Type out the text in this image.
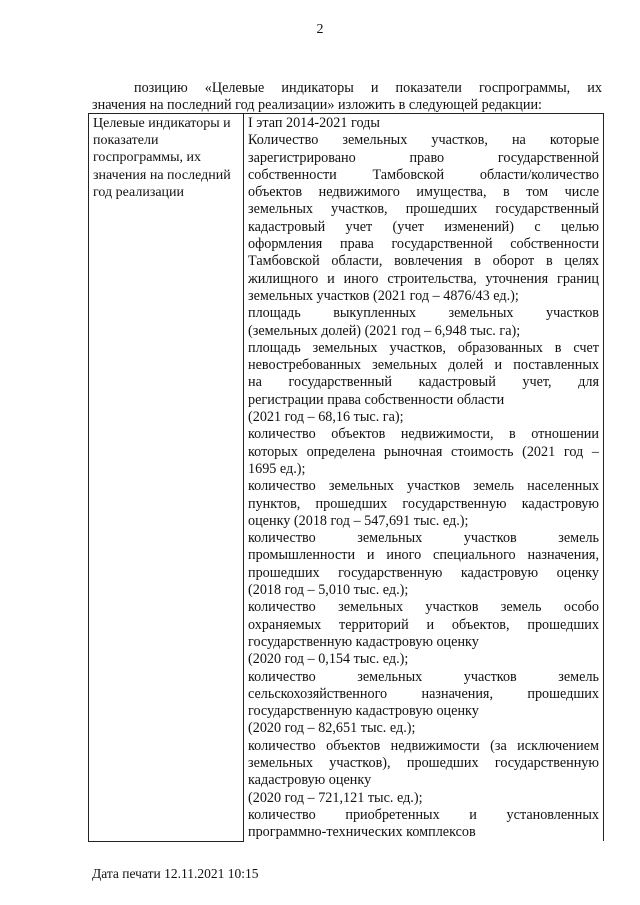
2
позицию «Целевые индикаторы и показатели госпрограммы, их
значения на последний год реализации» изложить в следующей редакции:
Целевые индикаторы и показатели госпрограммы, их значения на последний год реализации	
I этап 2014-2021 годы
Количество земельных участков, на которые
зарегистрировано право государственной
собственности Тамбовской области/количество
объектов недвижимого имущества, в том числе
земельных участков, прошедших государственный
кадастровый учет (учет изменений) с целью
оформления права государственной собственности
Тамбовской области, вовлечения в оборот в целях
жилищного и иного строительства, уточнения границ
земельных участков (2021 год – 4876/43 ед.);
площадь выкупленных земельных участков
(земельных долей) (2021 год – 6,948 тыс. га);
площадь земельных участков, образованных в счет
невостребованных земельных долей и поставленных
на государственный кадастровый учет, для
регистрации права собственности области
(2021 год – 68,16 тыс. га);
количество объектов недвижимости, в отношении
которых определена рыночная стоимость (2021 год –
1695 ед.);
количество земельных участков земель населенных
пунктов, прошедших государственную кадастровую
оценку (2018 год – 547,691 тыс. ед.);
количество земельных участков земель
промышленности и иного специального назначения,
прошедших государственную кадастровую оценку
(2018 год – 5,010 тыс. ед.);
количество земельных участков земель особо
охраняемых территорий и объектов, прошедших
государственную кадастровую оценку
(2020 год – 0,154 тыс. ед.);
количество земельных участков земель
сельскохозяйственного назначения, прошедших
государственную кадастровую оценку
(2020 год – 82,651 тыс. ед.);
количество объектов недвижимости (за исключением
земельных участков), прошедших государственную
кадастровую оценку
(2020 год – 721,121 тыс. ед.);
количество приобретенных и установленных
программно-технических комплексов
Дата печати 12.11.2021 10:15
